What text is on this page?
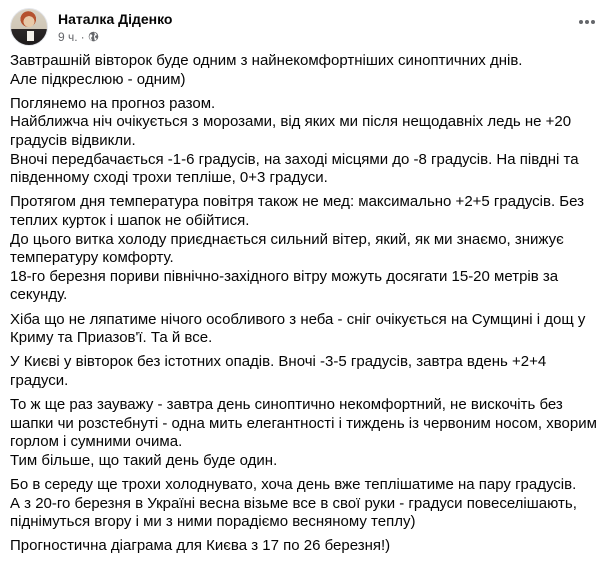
Наталка Діденко
9 ч. ·

Завтрашній вівторок буде одним з найнекомфортніших синоптичних днів.
Але підкреслюю - одним)

Поглянемо на прогноз разом.
Найближча ніч очікується з морозами, від яких ми після нещодавніх ледь не +20 градусів відвикли.
Вночі передбачається -1-6 градусів, на заході місцями до -8 градусів. На півдні та південному сході трохи тепліше, 0+3 градуси.

Протягом дня температура повітря також не мед: максимально +2+5 градусів. Без теплих курток і шапок не обійтися.
До цього витка холоду приєднається сильний вітер, який, як ми знаємо, знижує температуру комфорту.
18-го березня пориви північно-західного вітру можуть досягати 15-20 метрів за секунду.

Хіба що не ляпатиме нічого особливого з неба - сніг очікується на Сумщині і дощ у Криму та Приазов'ї. Та й все.

У Києві у вівторок без істотних опадів. Вночі -3-5 градусів, завтра вдень +2+4 градуси.

То ж ще раз зауважу - завтра день синоптично некомфортний, не вискочіть без шапки чи розстебнуті - одна мить елегантності і тиждень із червоним носом, хворим горлом і сумними очима.
Тим більше, що такий день буде один.

Бо в середу ще трохи холоднувато, хоча день вже теплішатиме на пару градусів.
А з 20-го березня в Україні весна візьме все в свої руки - градуси повеселішають, піднімуться вгору і ми з ними порадіємо весняному теплу)

Прогностична діаграма для Києва з 17 по 26 березня!)
